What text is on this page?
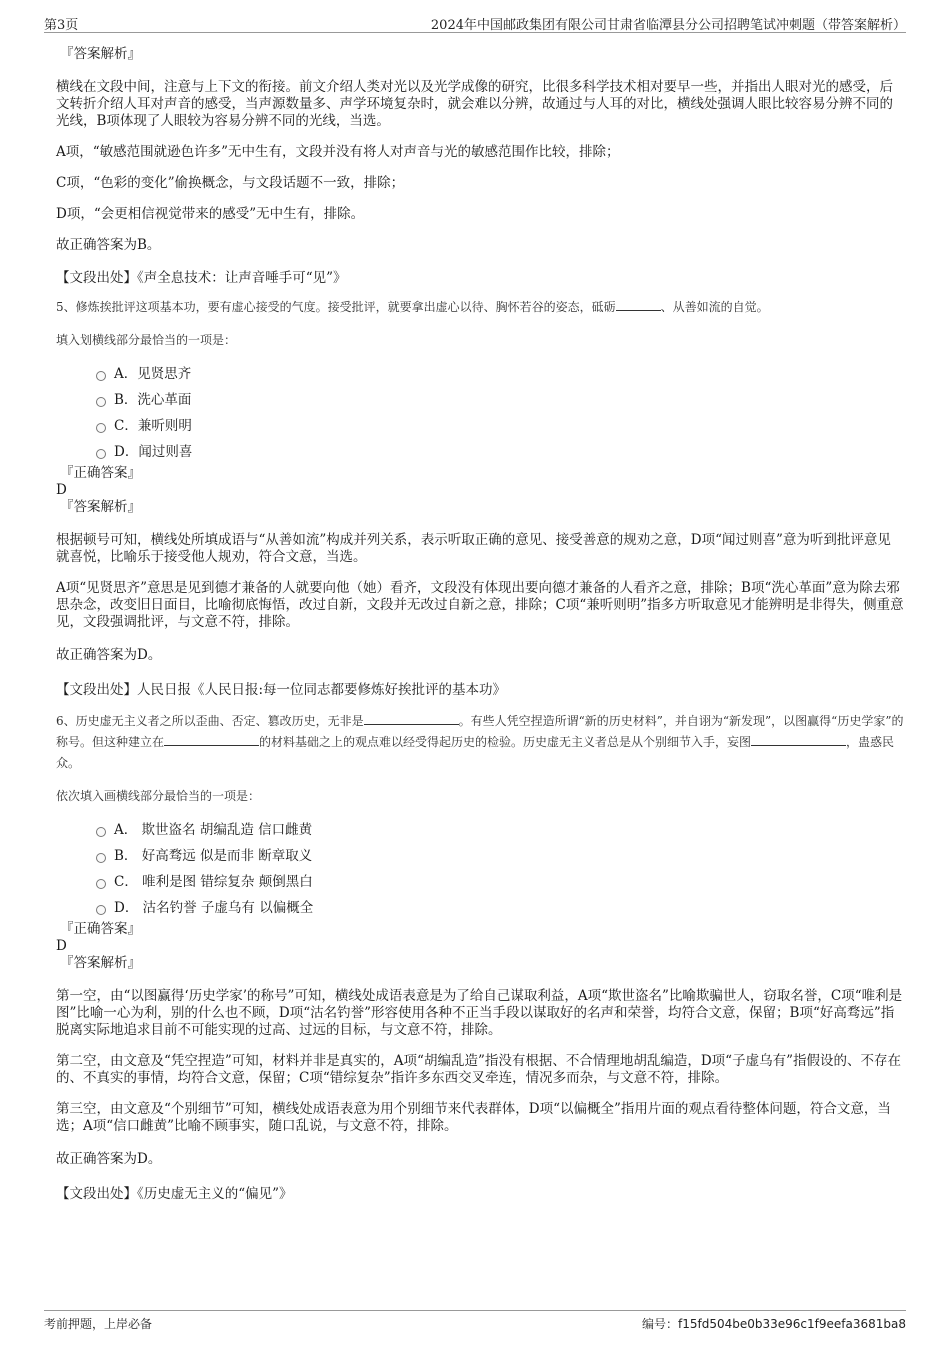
第3页	2024年中国邮政集团有限公司甘肃省临潭县分公司招聘笔试冲刺题（带答案解析）

『答案解析』

横线在文段中间，注意与上下文的衔接。前文介绍人类对光以及光学成像的研究，比很多科学技术相对要早一些，并指出人眼对光的感受，后文转折介绍人耳对声音的感受，当声源数量多、声学环境复杂时，就会难以分辨，故通过与人耳的对比，横线处强调人眼比较容易分辨不同的光线，B项体现了人眼较为容易分辨不同的光线，当选。

A项，“敏感范围就逊色许多”无中生有，文段并没有将人对声音与光的敏感范围作比较，排除；

C项，“色彩的变化”偷换概念，与文段话题不一致，排除；

D项，“会更相信视觉带来的感受”无中生有，排除。

故正确答案为B。

【文段出处】《声全息技术：让声音唾手可“见”》

5、修炼挨批评这项基本功，要有虚心接受的气度。接受批评，就要拿出虚心以待、胸怀若谷的姿态，砥砺	、从善如流的自觉。

填入划横线部分最恰当的一项是：

A．见贤思齐
B．洗心革面
C．兼听则明
D．闻过则喜

『正确答案』

D

『答案解析』

根据顿号可知，横线处所填成语与“从善如流”构成并列关系，表示听取正确的意见、接受善意的规劝之意，D项“闻过则喜”意为听到批评意见就喜悦，比喻乐于接受他人规劝，符合文意，当选。

A项“见贤思齐”意思是见到德才兼备的人就要向他（她）看齐，文段没有体现出要向德才兼备的人看齐之意，排除；B项“洗心革面”意为除去邪思杂念，改变旧日面目，比喻彻底悔悟，改过自新，文段并无改过自新之意，排除；C项“兼听则明”指多方听取意见才能辨明是非得失，侧重意见，文段强调批评，与文意不符，排除。

故正确答案为D。

【文段出处】人民日报《人民日报:每一位同志都要修炼好挨批评的基本功》

6、历史虚无主义者之所以歪曲、否定、篡改历史，无非是	。有些人凭空捏造所谓“新的历史材料”，并自诩为“新发现”，以图赢得“历史学家”的称号。但这种建立在	的材料基础之上的观点难以经受得起历史的检验。历史虚无主义者总是从个别细节入手，妄图	，蛊惑民众。

依次填入画横线部分最恰当的一项是：

A． 欺世盗名 胡编乱造 信口雌黄
B． 好高骛远 似是而非 断章取义
C． 唯利是图 错综复杂 颠倒黑白
D． 沽名钓誉 子虚乌有 以偏概全

『正确答案』

D

『答案解析』

第一空，由“以图赢得‘历史学家’的称号”可知，横线处成语表意是为了给自己谋取利益，A项“欺世盗名”比喻欺骗世人，窃取名誉，C项“唯利是图”比喻一心为利，别的什么也不顾，D项“沽名钓誉”形容使用各种不正当手段以谋取好的名声和荣誉，均符合文意，保留；B项“好高骛远”指脱离实际地追求目前不可能实现的过高、过远的目标，与文意不符，排除。

第二空，由文意及“凭空捏造”可知，材料并非是真实的，A项“胡编乱造”指没有根据、不合情理地胡乱编造，D项“子虚乌有”指假设的、不存在的、不真实的事情，均符合文意，保留；C项“错综复杂”指许多东西交叉牵连，情况多而杂，与文意不符，排除。

第三空，由文意及“个别细节”可知，横线处成语表意为用个别细节来代表群体，D项“以偏概全”指用片面的观点看待整体问题，符合文意，当选；A项“信口雌黄”比喻不顾事实，随口乱说，与文意不符，排除。

故正确答案为D。

【文段出处】《历史虚无主义的“偏见”》

考前押题，上岸必备	编号：f15fd504be0b33e96c1f9eefa3681ba8
